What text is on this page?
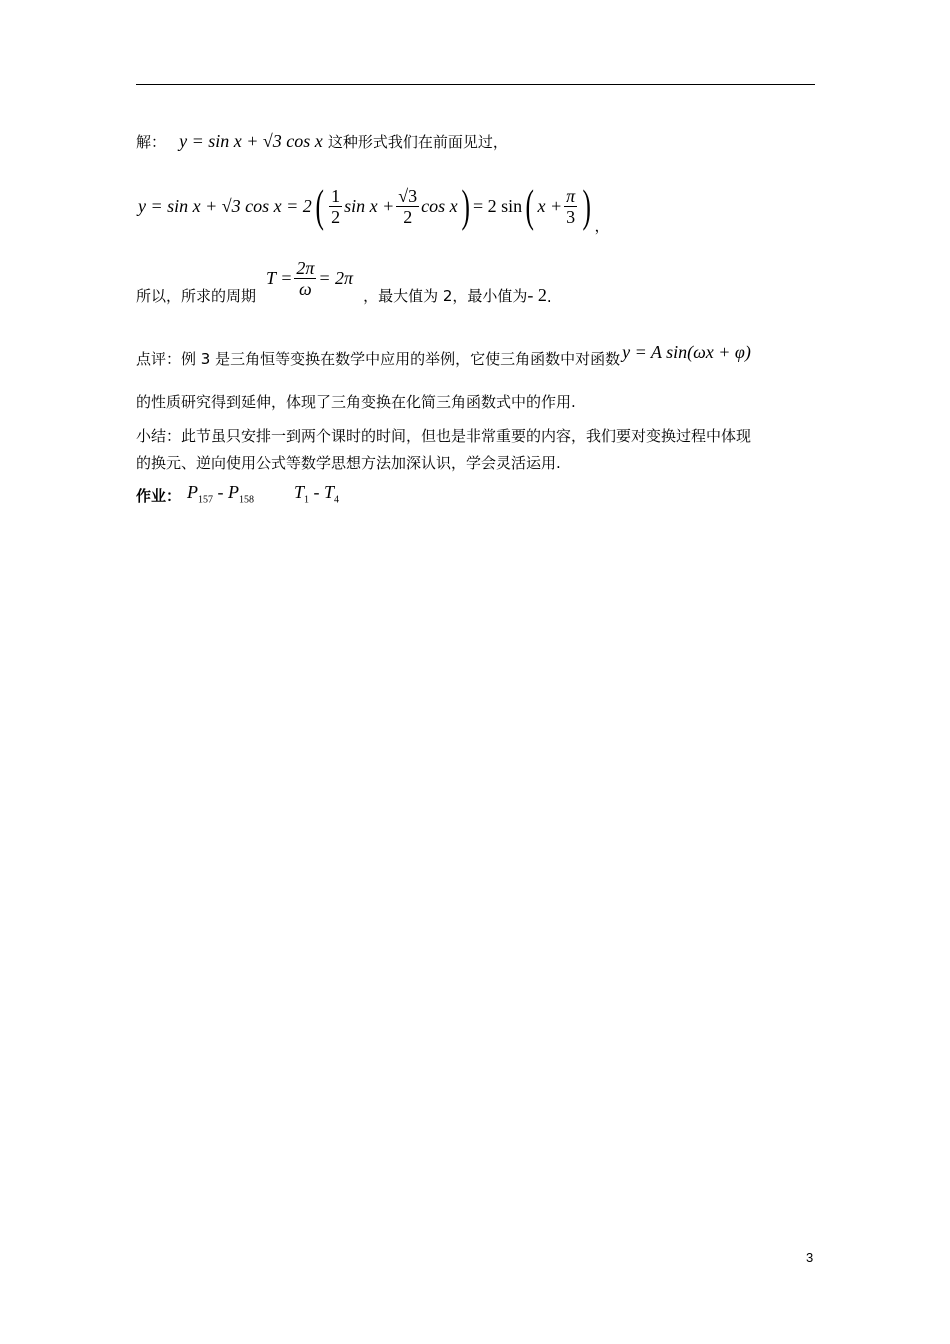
解： y = sin x + √3 cos x 这种形式我们在前面见过，
y = sin x + √3 cos x = 2 ( $\frac{1}{2}$ $\sin x + \frac{√3}{2}$ cos x ) = 2 sin ( $x + \frac{\pi}{3}$ ) ，
所以，所求的周期
$T = \frac{2\pi}{\omega} = 2\pi$
，最大值为 2，最小值为 - 2 .
点评：例 3 是三角恒等变换在数学中应用的举例，它使三角函数中对函数 y = A sin(ωx + φ)
的性质研究得到延伸，体现了三角变换在化简三角函数式中的作用.
小结：此节虽只安排一到两个课时的时间，但也是非常重要的内容，我们要对变换过程中体现
的换元、逆向使用公式等数学思想方法加深认识，学会灵活运用.
作业： $P_{157} - P_{158}$ $T_1 - T_4$
3
